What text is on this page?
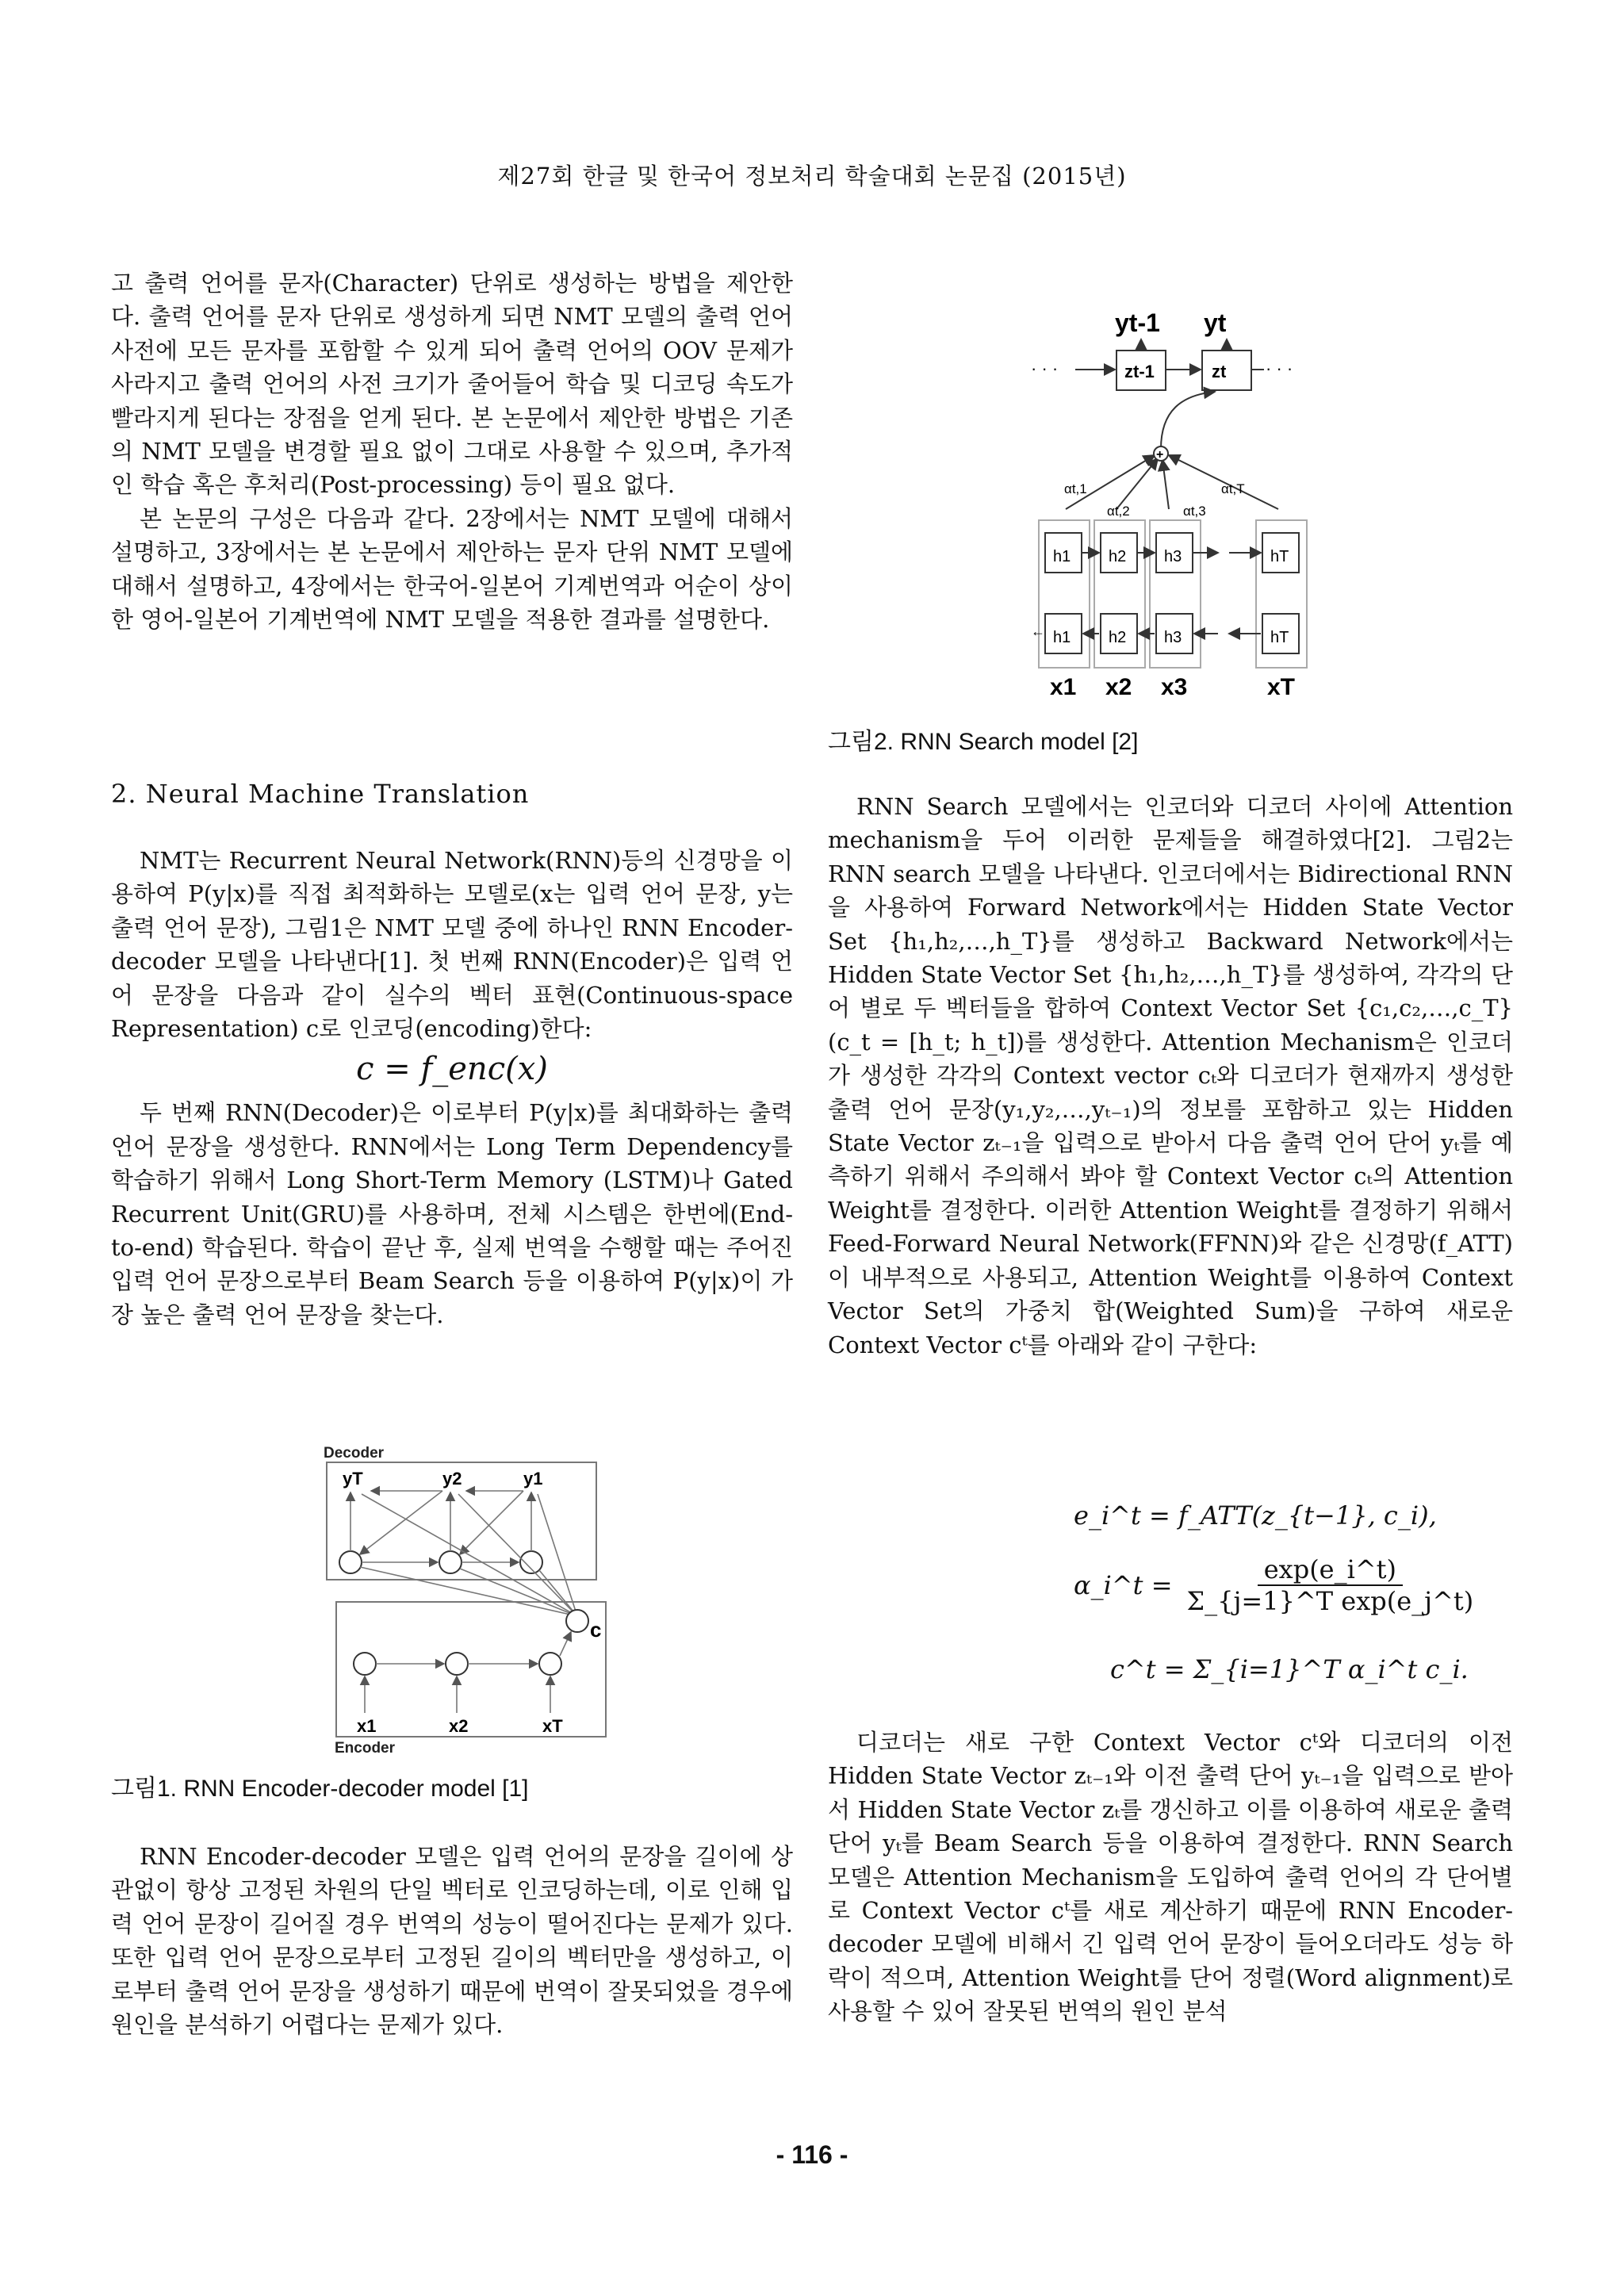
제27회 한글 및 한국어 정보처리 학술대회 논문집 (2015년)

고 출력 언어를 문자(Character) 단위로 생성하는 방법을 제안한다. 출력 언어를 문자 단위로 생성하게 되면 NMT 모델의 출력 언어 사전에 모든 문자를 포함할 수 있게 되어 출력 언어의 OOV 문제가 사라지고 출력 언어의 사전 크기가 줄어들어 학습 및 디코딩 속도가 빨라지게 된다는 장점을 얻게 된다. 본 논문에서 제안한 방법은 기존의 NMT 모델을 변경할 필요 없이 그대로 사용할 수 있으며, 추가적인 학습 혹은 후처리(Post-processing) 등이 필요 없다.

본 논문의 구성은 다음과 같다. 2장에서는 NMT 모델에 대해서 설명하고, 3장에서는 본 논문에서 제안하는 문자 단위 NMT 모델에 대해서 설명하고, 4장에서는 한국어-일본어 기계번역과 어순이 상이한 영어-일본어 기계번역에 NMT 모델을 적용한 결과를 설명한다.

2. Neural Machine Translation

NMT는 Recurrent Neural Network(RNN)등의 신경망을 이용하여 P(y|x)를 직접 최적화하는 모델로(x는 입력 언어 문장, y는 출력 언어 문장), 그림1은 NMT 모델 중에 하나인 RNN Encoder-decoder 모델을 나타낸다[1]. 첫 번째 RNN(Encoder)은 입력 언어 문장을 다음과 같이 실수의 벡터 표현(Continuous-space Representation) c로 인코딩(encoding)한다:

c = f_enc(x)

두 번째 RNN(Decoder)은 이로부터 P(y|x)를 최대화하는 출력 언어 문장을 생성한다. RNN에서는 Long Term Dependency를 학습하기 위해서 Long Short-Term Memory (LSTM)나 Gated Recurrent Unit(GRU)를 사용하며, 전체 시스템은 한번에(End-to-end) 학습된다. 학습이 끝난 후, 실제 번역을 수행할 때는 주어진 입력 언어 문장으로부터 Beam Search 등을 이용하여 P(y|x)이 가장 높은 출력 언어 문장을 찾는다.

Decoder
Encoder
yT	y2	y1
c
x1	x2	xT
그림1. RNN Encoder-decoder model [1]

RNN Encoder-decoder 모델은 입력 언어의 문장을 길이에 상관없이 항상 고정된 차원의 단일 벡터로 인코딩하는데, 이로 인해 입력 언어 문장이 길어질 경우 번역의 성능이 떨어진다는 문제가 있다. 또한 입력 언어 문장으로부터 고정된 길이의 벡터만을 생성하고, 이로부터 출력 언어 문장을 생성하기 때문에 번역이 잘못되었을 경우에 원인을 분석하기 어렵다는 문제가 있다.

yt-1 yt
· · ·	· · ·
zt-1	zt
+
αt,1
αt,2	αt,3
αt,T
h1 h2 h3	hT
h1 h2 h3	hT
←
x1 x2 x3	xT
그림2. RNN Search model [2]

RNN Search 모델에서는 인코더와 디코더 사이에 Attention mechanism을 두어 이러한 문제들을 해결하였다[2]. 그림2는 RNN search 모델을 나타낸다. 인코더에서는 Bidirectional RNN을 사용하여 Forward Network에서는 Hidden State Vector Set {h₁,h₂,…,h_T}를 생성하고 Backward Network에서는 Hidden State Vector Set {h₁,h₂,…,h_T}를 생성하여, 각각의 단어 별로 두 벡터들을 합하여 Context Vector Set {c₁,c₂,…,c_T} (c_t = [h_t; h_t])를 생성한다. Attention Mechanism은 인코더가 생성한 각각의 Context vector cₜ와 디코더가 현재까지 생성한 출력 언어 문장(y₁,y₂,…,yₜ₋₁)의 정보를 포함하고 있는 Hidden State Vector zₜ₋₁을 입력으로 받아서 다음 출력 언어 단어 yₜ를 예측하기 위해서 주의해서 봐야 할 Context Vector cₜ의 Attention Weight를 결정한다. 이러한 Attention Weight를 결정하기 위해서 Feed-Forward Neural Network(FFNN)와 같은 신경망(f_ATT)이 내부적으로 사용되고, Attention Weight를 이용하여 Context Vector Set의 가중치 합(Weighted Sum)을 구하여 새로운 Context Vector cᵗ를 아래와 같이 구한다:

e_i^t = f_ATT(z_{t−1}, c_i),
α_i^t = $\frac{\exp(e\_i\^{}t)}{\text{Σ\_\{j=1\}\textasciicircum{}T exp(e\_j\textasciicircum{}t)}}$
c^t = Σ_{i=1}^T α_i^t c_i.

디코더는 새로 구한 Context Vector cᵗ와 디코더의 이전 Hidden State Vector zₜ₋₁와 이전 출력 단어 yₜ₋₁을 입력으로 받아서 Hidden State Vector zₜ를 갱신하고 이를 이용하여 새로운 출력 단어 yₜ를 Beam Search 등을 이용하여 결정한다. RNN Search 모델은 Attention Mechanism을 도입하여 출력 언어의 각 단어별로 Context Vector cᵗ를 새로 계산하기 때문에 RNN Encoder-decoder 모델에 비해서 긴 입력 언어 문장이 들어오더라도 성능 하락이 적으며, Attention Weight를 단어 정렬(Word alignment)로 사용할 수 있어 잘못된 번역의 원인 분석

- 116 -
